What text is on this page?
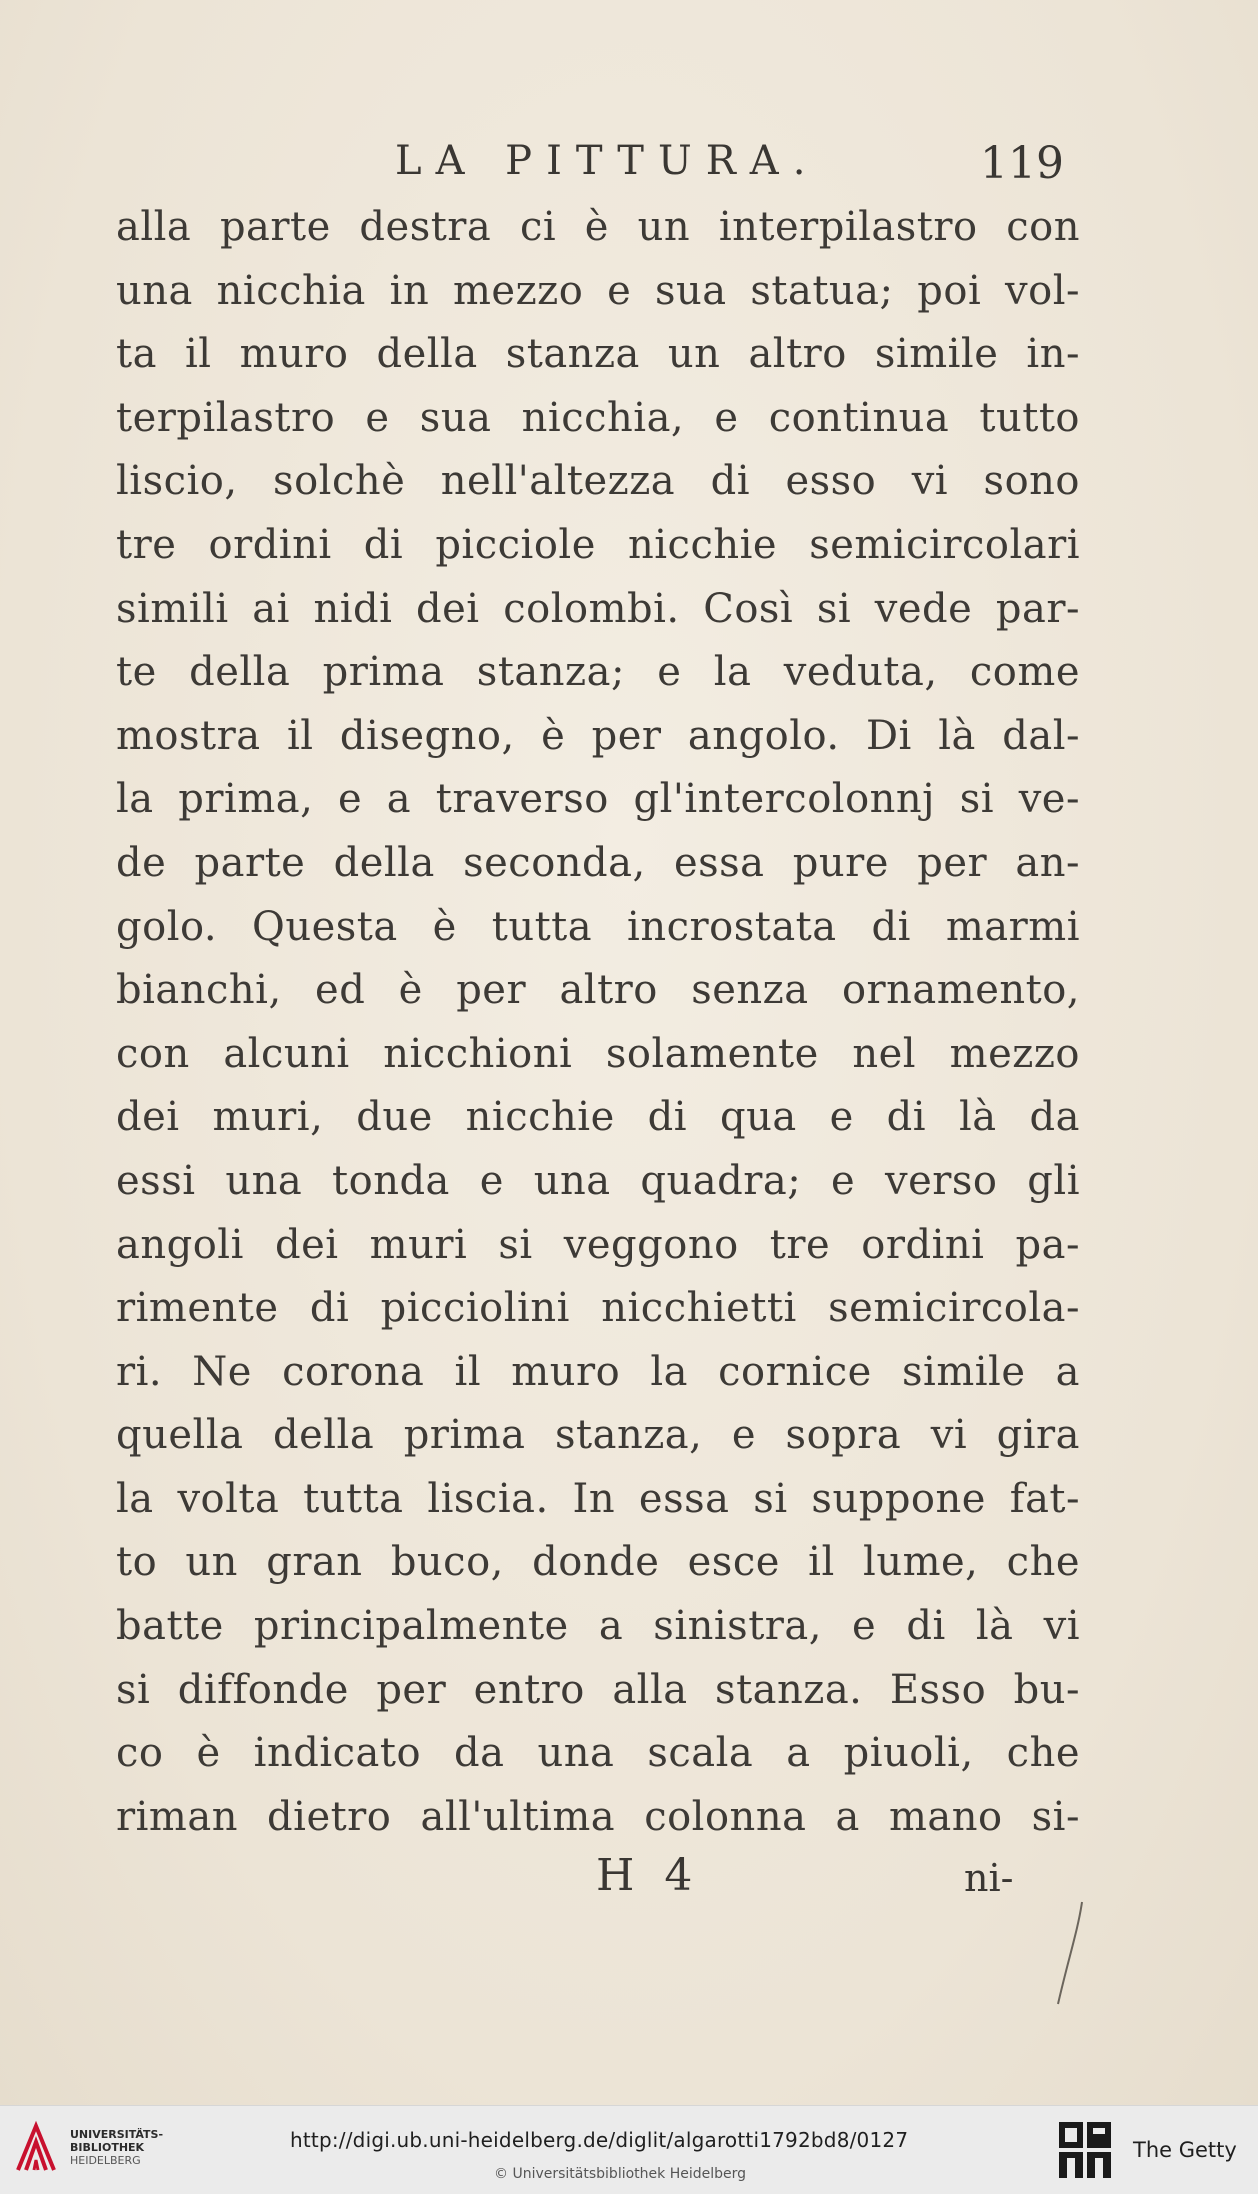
LA PITTURA.	119
alla parte destra ci è un interpilastro con
una nicchia in mezzo e sua statua; poi vol-
ta il muro della stanza un altro simile in-
terpilastro e sua nicchia, e continua tutto
liscio, solchè nell'altezza di esso vi sono
tre ordini di picciole nicchie semicircolari
simili ai nidi dei colombi. Così si vede par-
te della prima stanza; e la veduta, come
mostra il disegno, è per angolo. Di là dal-
la prima, e a traverso gl'intercolonnj si ve-
de parte della seconda, essa pure per an-
golo. Questa è tutta incrostata di marmi
bianchi, ed è per altro senza ornamento,
con alcuni nicchioni solamente nel mezzo
dei muri, due nicchie di qua e di là da
essi una tonda e una quadra; e verso gli
angoli dei muri si veggono tre ordini pa-
rimente di picciolini nicchietti semicircola-
ri. Ne corona il muro la cornice simile a
quella della prima stanza, e sopra vi gira
la volta tutta liscia. In essa si suppone fat-
to un gran buco, donde esce il lume, che
batte principalmente a sinistra, e di là vi
si diffonde per entro alla stanza. Esso bu-
co è indicato da una scala a piuoli, che
riman dietro all'ultima colonna a mano si-
H 4	ni-
UNIVERSITÄTS-
BIBLIOTHEK
HEIDELBERG
http://digi.ub.uni-heidelberg.de/diglit/algarotti1792bd8/0127
© Universitätsbibliothek Heidelberg
The Getty
